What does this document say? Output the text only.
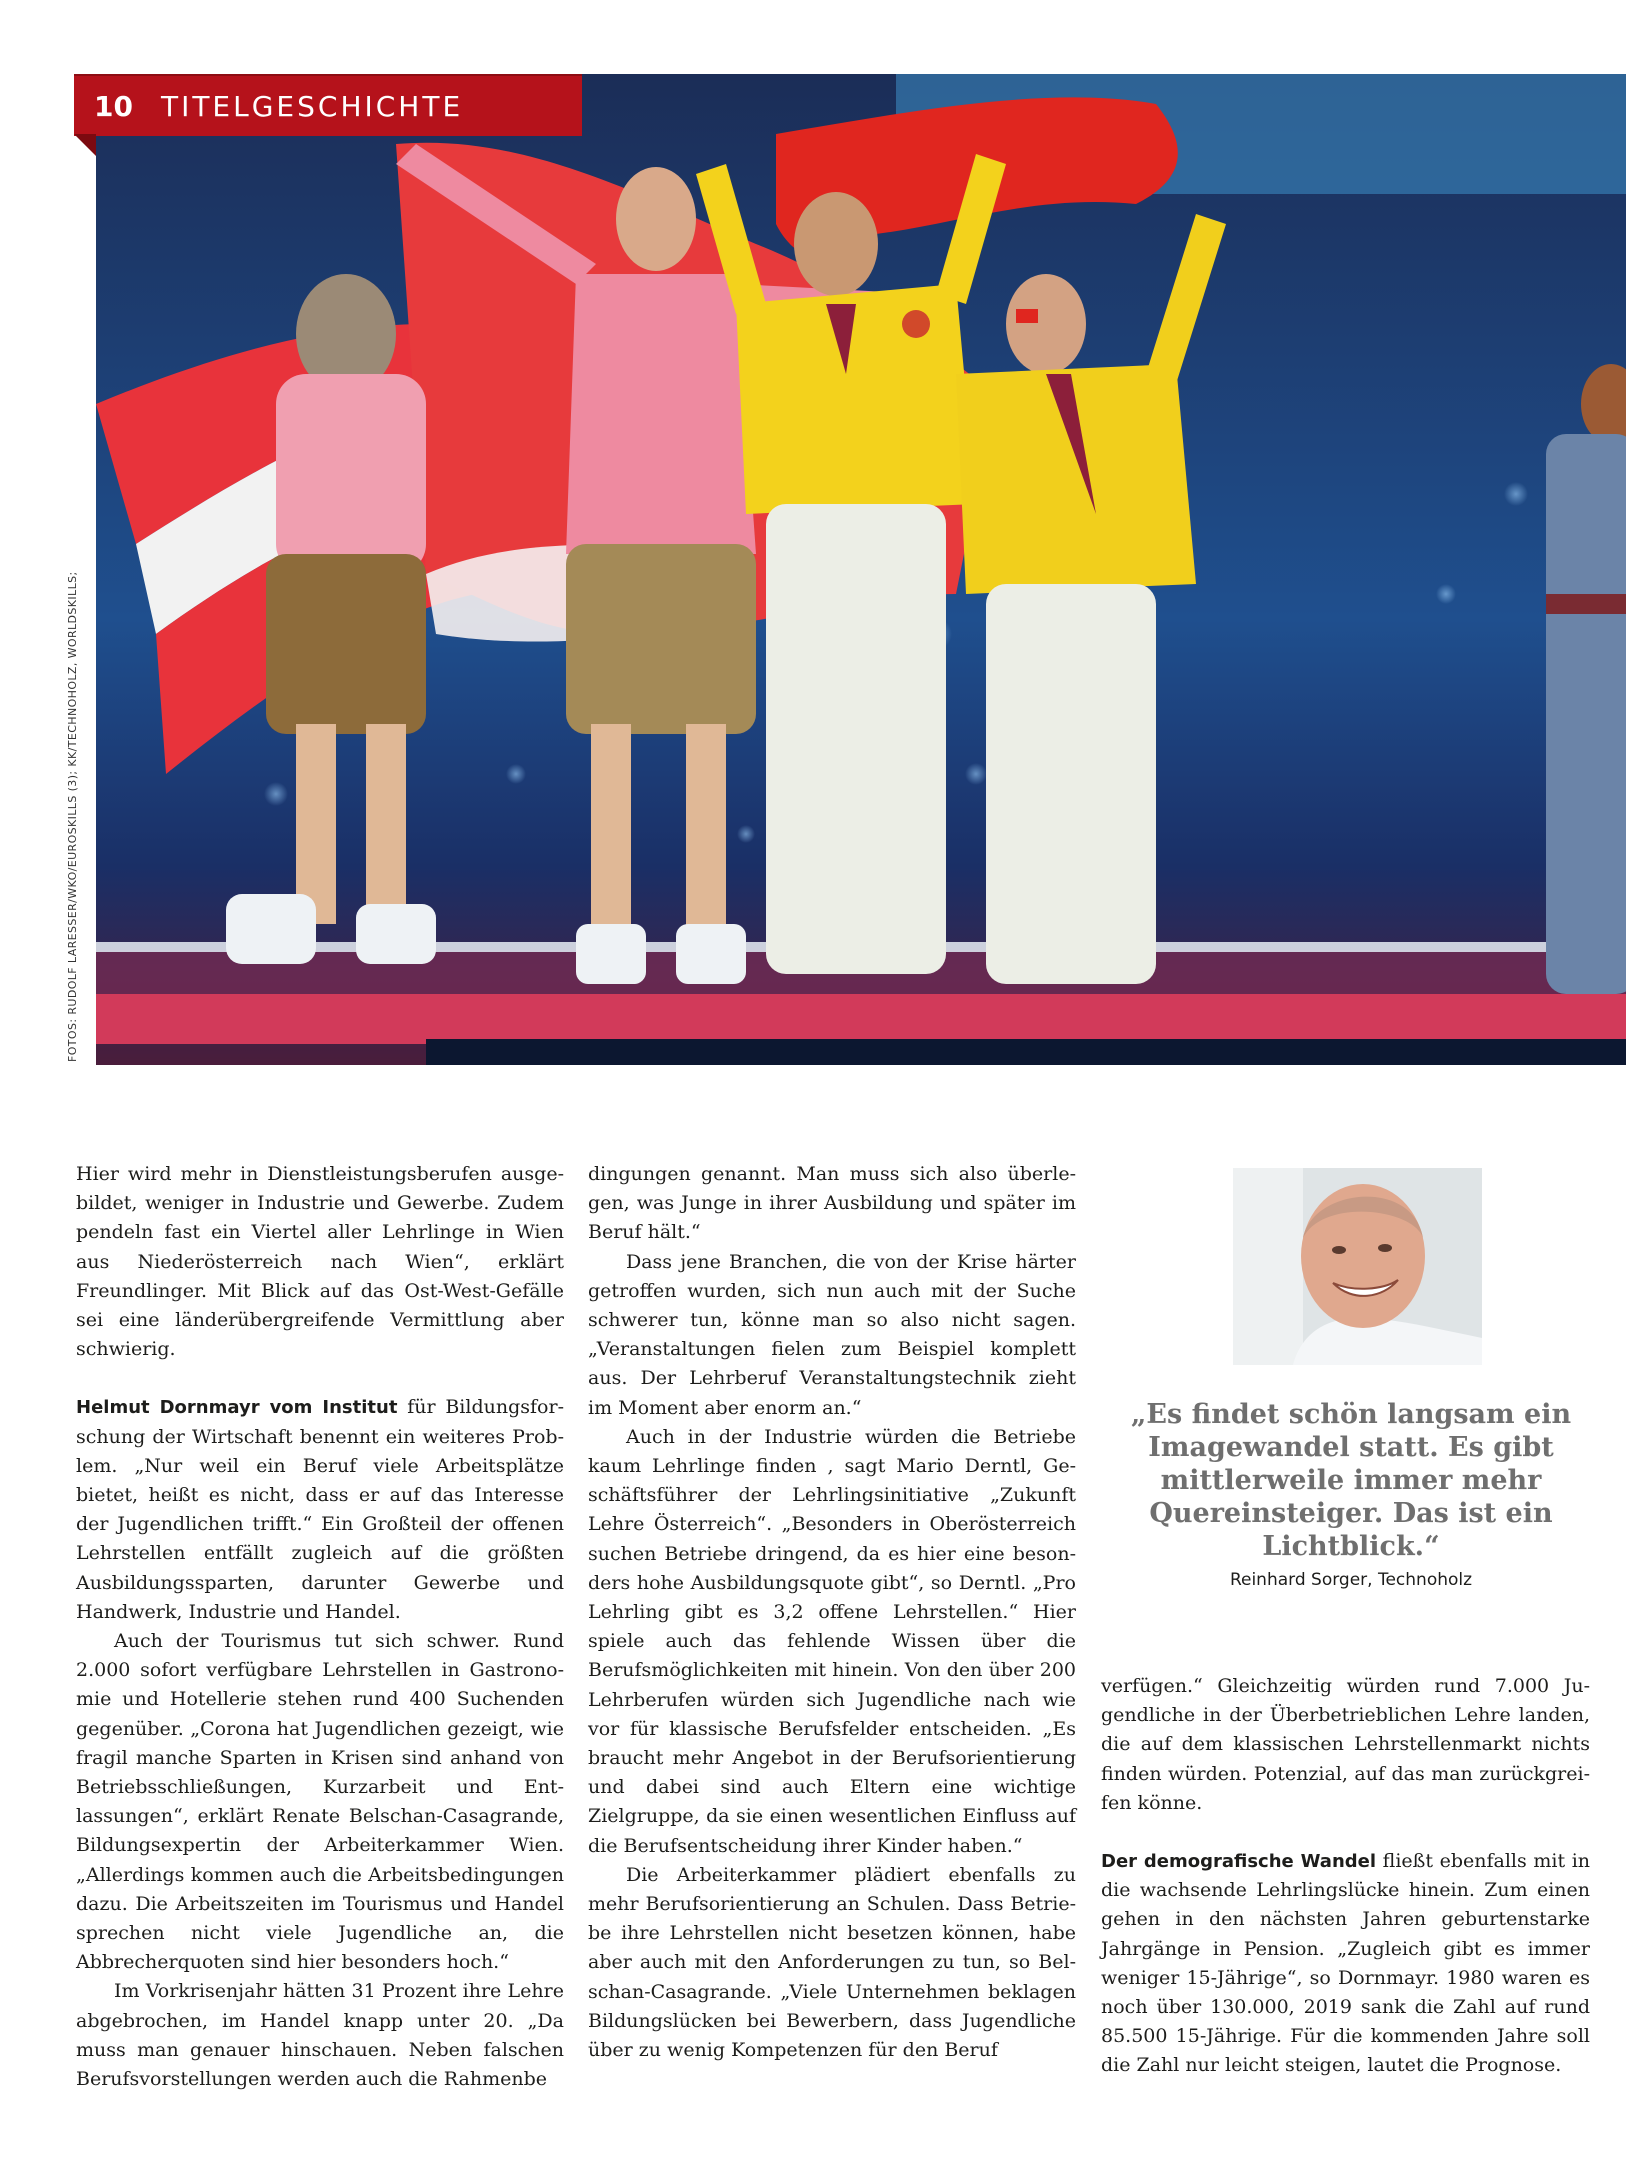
10 TITELGESCHICHTE
FOTOS: RUDOLF LARESSER/WKO/EUROSKILLS (3); KK/TECHNOHOLZ, WORLDSKILLS;

Hier wird mehr in Dienstleistungsberufen ausgebildet, weniger in Industrie und Gewerbe. Zudem pendeln fast ein Viertel aller Lehrlinge in Wien aus Niederösterreich nach Wien“, erklärt Freundlinger. Mit Blick auf das Ost-West-Gefälle sei eine länderübergreifende Vermittlung aber schwierig.

Helmut Dornmayr vom Institut für Bildungsforschung der Wirtschaft benennt ein weiteres Problem. „Nur weil ein Beruf viele Arbeitsplätze bietet, heißt es nicht, dass er auf das Interesse der Jugendlichen trifft.“ Ein Großteil der offenen Lehrstellen entfällt zugleich auf die größten Ausbildungssparten, darunter Gewerbe und Handwerk, Industrie und Handel.

Auch der Tourismus tut sich schwer. Rund 2.000 sofort verfügbare Lehrstellen in Gastronomie und Hotellerie stehen rund 400 Suchenden gegenüber. „Corona hat Jugendlichen gezeigt, wie fragil manche Sparten in Krisen sind anhand von Betriebsschließungen, Kurzarbeit und Entlassungen“, erklärt Renate Belschan-Casagrande, Bildungsexpertin der Arbeiterkammer Wien. „Allerdings kommen auch die Arbeitsbedingungen dazu. Die Arbeitszeiten im Tourismus und Handel sprechen nicht viele Jugendliche an, die Abbrecherquoten sind hier besonders hoch.“

Im Vorkrisenjahr hätten 31 Prozent ihre Lehre abgebrochen, im Handel knapp unter 20. „Da muss man genauer hinschauen. Neben falschen Berufsvorstellungen werden auch die Rahmenbe

dingungen genannt. Man muss sich also überlegen, was Junge in ihrer Ausbildung und später im Beruf hält.“

Dass jene Branchen, die von der Krise härter getroffen wurden, sich nun auch mit der Suche schwerer tun, könne man so also nicht sagen. „Veranstaltungen fielen zum Beispiel komplett aus. Der Lehrberuf Veranstaltungstechnik zieht im Moment aber enorm an.“

Auch in der Industrie würden die Betriebe kaum Lehrlinge finden , sagt Mario Derntl, Geschäftsführer der Lehrlingsinitiative „Zukunft Lehre Österreich“. „Besonders in Oberösterreich suchen Betriebe dringend, da es hier eine besonders hohe Ausbildungsquote gibt“, so Derntl. „Pro Lehrling gibt es 3,2 offene Lehrstellen.“ Hier spiele auch das fehlende Wissen über die Berufsmöglichkeiten mit hinein. Von den über 200 Lehrberufen würden sich Jugendliche nach wie vor für klassische Berufsfelder entscheiden. „Es braucht mehr Angebot in der Berufsorientierung und dabei sind auch Eltern eine wichtige Zielgruppe, da sie einen wesentlichen Einfluss auf die Berufsentscheidung ihrer Kinder haben.“

Die Arbeiterkammer plädiert ebenfalls zu mehr Berufsorientierung an Schulen. Dass Betriebe ihre Lehrstellen nicht besetzen können, habe aber auch mit den Anforderungen zu tun, so Belschan-Casagrande. „Viele Unternehmen beklagen Bildungslücken bei Bewerbern, dass Jugendliche über zu wenig Kompetenzen für den Beruf

„Es findet schön langsam ein Imagewandel statt. Es gibt mittlerweile immer mehr Quereinsteiger. Das ist ein Lichtblick.“
Reinhard Sorger, Technoholz

verfügen.“ Gleichzeitig würden rund 7.000 Jugendliche in der Überbetrieblichen Lehre landen, die auf dem klassischen Lehrstellenmarkt nichts finden würden. Potenzial, auf das man zurückgreifen könne.

Der demografische Wandel fließt ebenfalls mit in die wachsende Lehrlingslücke hinein. Zum einen gehen in den nächsten Jahren geburtenstarke Jahrgänge in Pension. „Zugleich gibt es immer weniger 15-Jährige“, so Dornmayr. 1980 waren es noch über 130.000, 2019 sank die Zahl auf rund 85.500 15-Jährige. Für die kommenden Jahre soll die Zahl nur leicht steigen, lautet die Prognose.
